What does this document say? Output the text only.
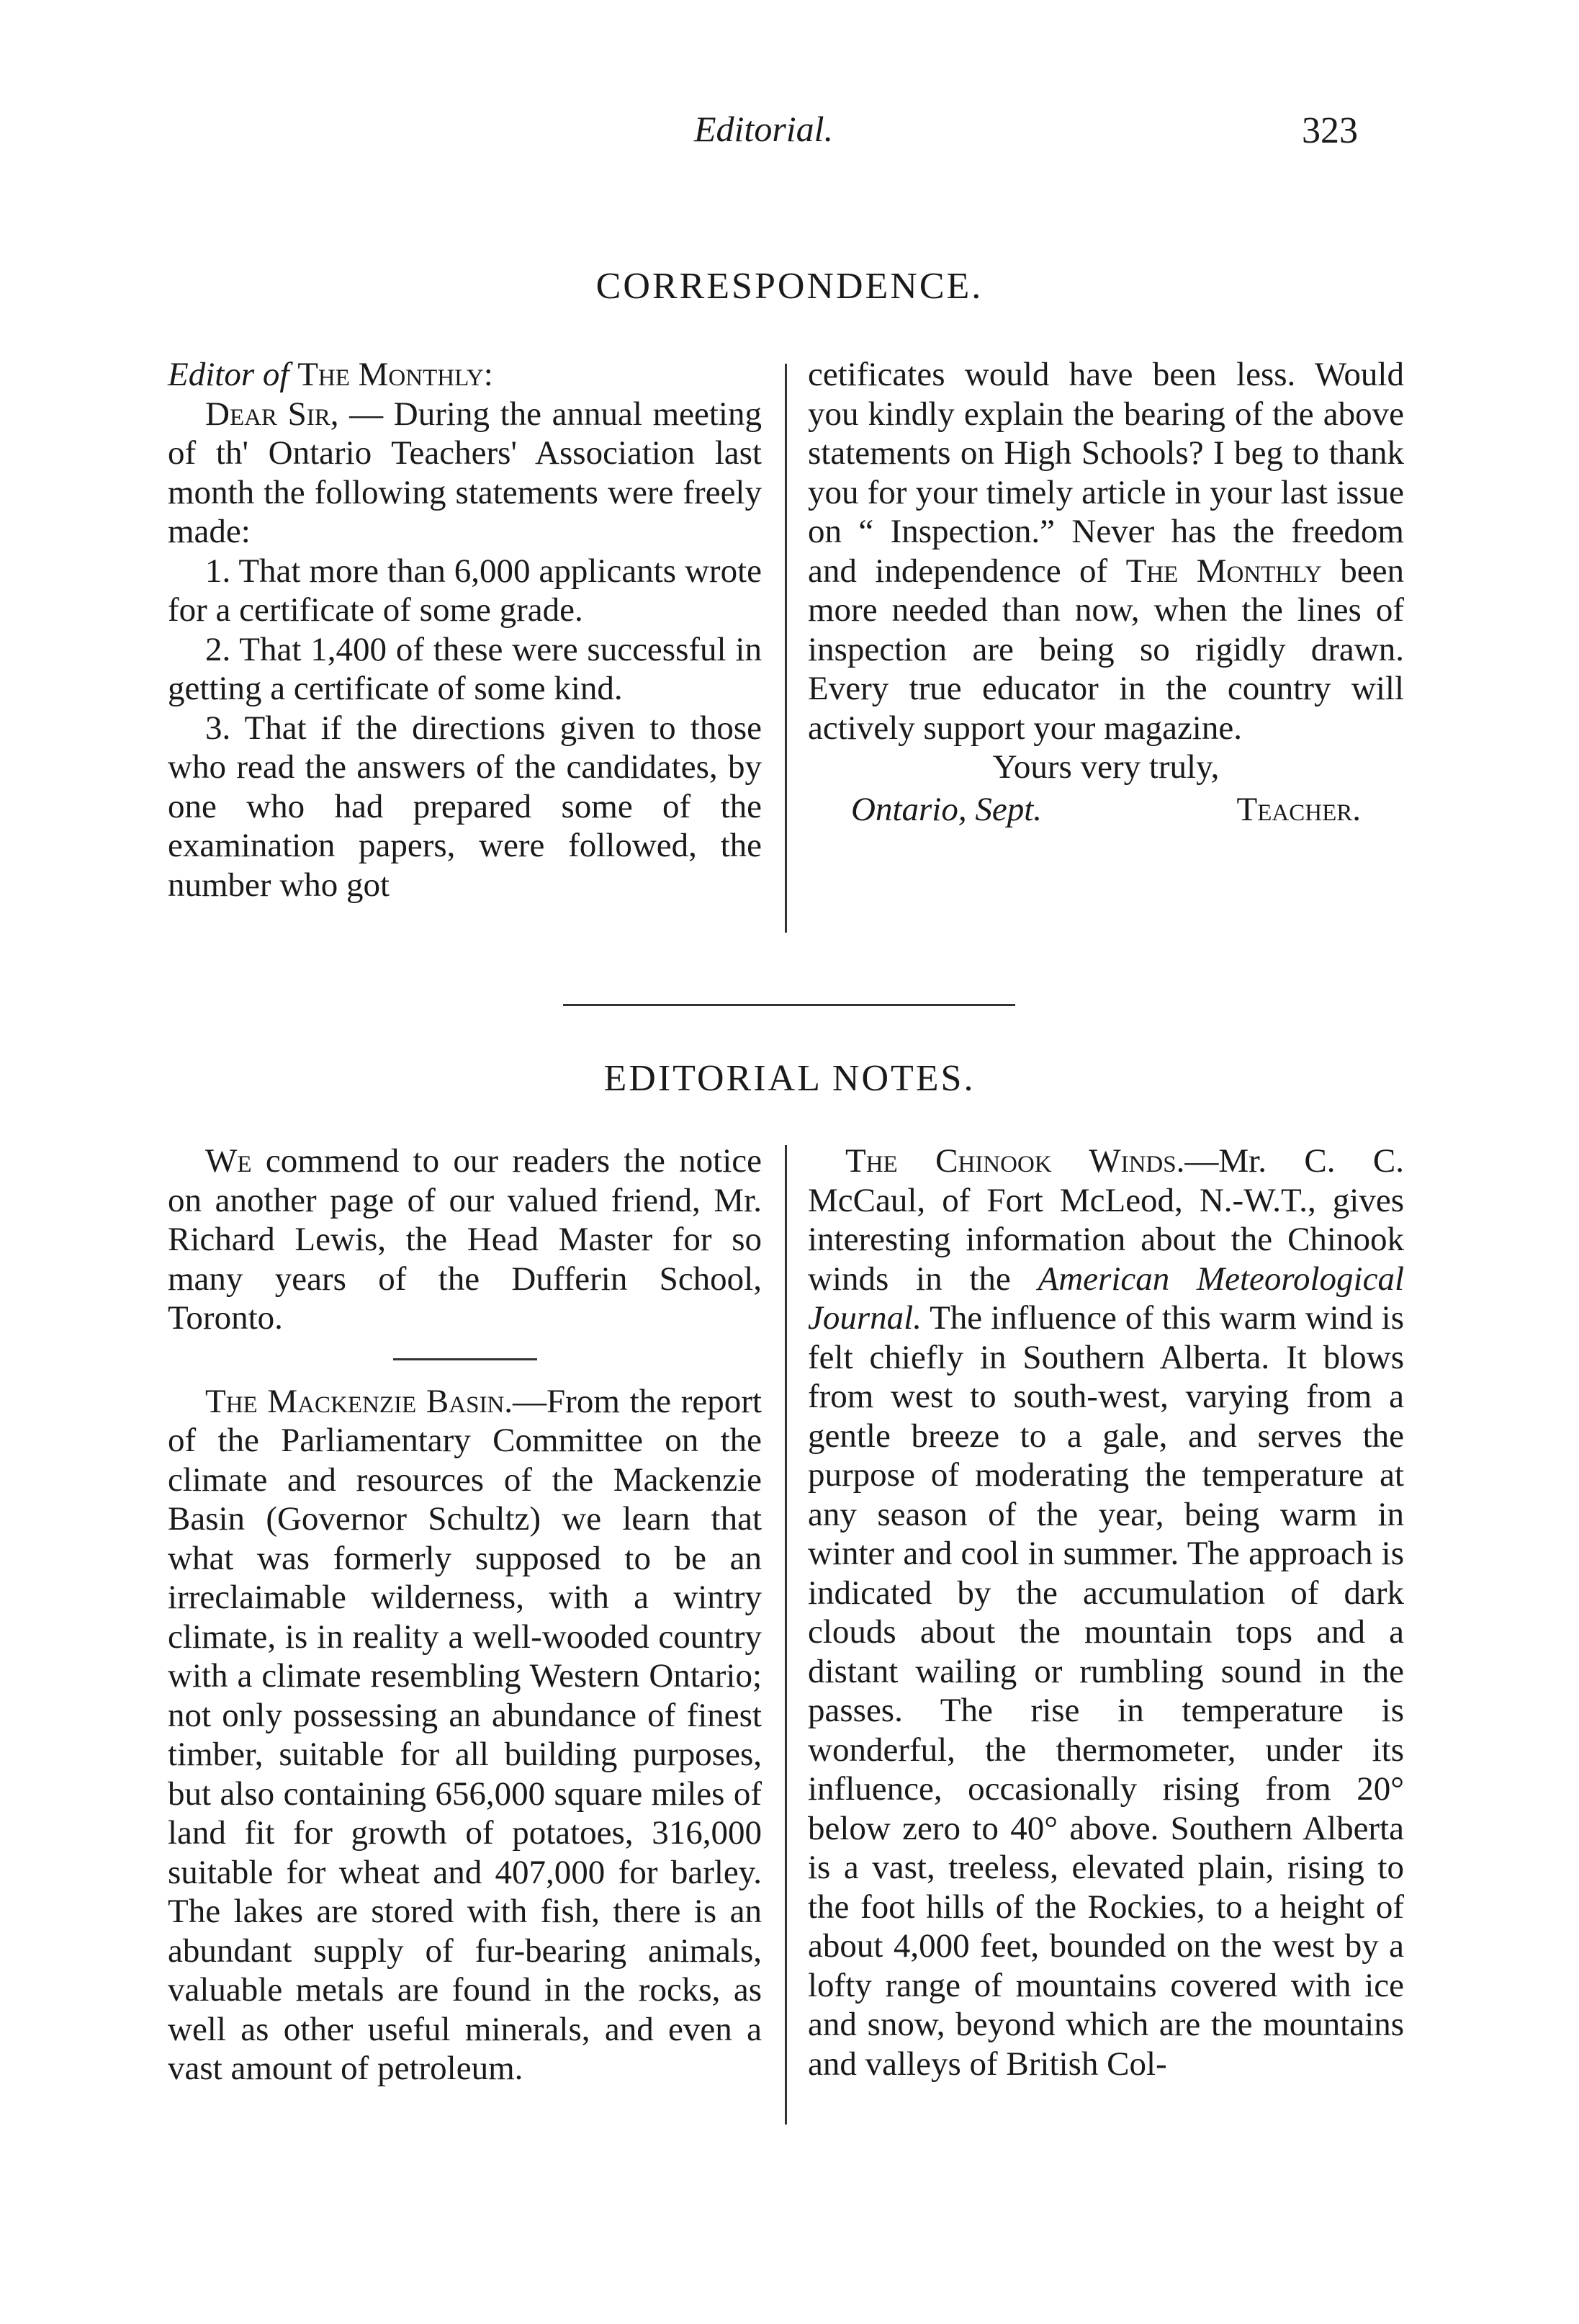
Editorial.	323
CORRESPONDENCE.

Editor of The Monthly:

Dear Sir, — During the annual meeting of th' Ontario Teachers' Association last month the following statements were freely made:

1. That more than 6,000 applicants wrote for a certificate of some grade.

2. That 1,400 of these were successful in getting a certificate of some kind.

3. That if the directions given to those who read the answers of the candidates, by one who had prepared some of the examination papers, were followed, the number who got

cetificates would have been less. Would you kindly explain the bearing of the above statements on High Schools? I beg to thank you for your timely article in your last issue on “ Inspection.” Never has the freedom and independence of The Monthly been more needed than now, when the lines of inspection are being so rigidly drawn. Every true educator in the country will actively support your magazine.

Yours very truly,

Ontario, Sept.	Teacher.
EDITORIAL NOTES.

We commend to our readers the notice on another page of our valued friend, Mr. Richard Lewis, the Head Master for so many years of the Dufferin School, Toronto.

The Mackenzie Basin.—From the report of the Parliamentary Committee on the climate and resources of the Mackenzie Basin (Governor Schultz) we learn that what was formerly supposed to be an irreclaimable wilderness, with a wintry climate, is in reality a well-wooded country with a climate resembling Western Ontario; not only possessing an abundance of finest timber, suitable for all building purposes, but also containing 656,000 square miles of land fit for growth of potatoes, 316,000 suitable for wheat and 407,000 for barley. The lakes are stored with fish, there is an abundant supply of fur-bearing animals, valuable metals are found in the rocks, as well as other useful minerals, and even a vast amount of petroleum.

The Chinook Winds.—Mr. C. C. McCaul, of Fort McLeod, N.-W.T., gives interesting information about the Chinook winds in the American Meteorological Journal. The influence of this warm wind is felt chiefly in Southern Alberta. It blows from west to south-west, varying from a gentle breeze to a gale, and serves the purpose of moderating the temperature at any season of the year, being warm in winter and cool in summer. The approach is indicated by the accumulation of dark clouds about the mountain tops and a distant wailing or rumbling sound in the passes. The rise in temperature is wonderful, the thermometer, under its influence, occasionally rising from 20° below zero to 40° above. Southern Alberta is a vast, treeless, elevated plain, rising to the foot hills of the Rockies, to a height of about 4,000 feet, bounded on the west by a lofty range of mountains covered with ice and snow, beyond which are the mountains and valleys of British Col-
